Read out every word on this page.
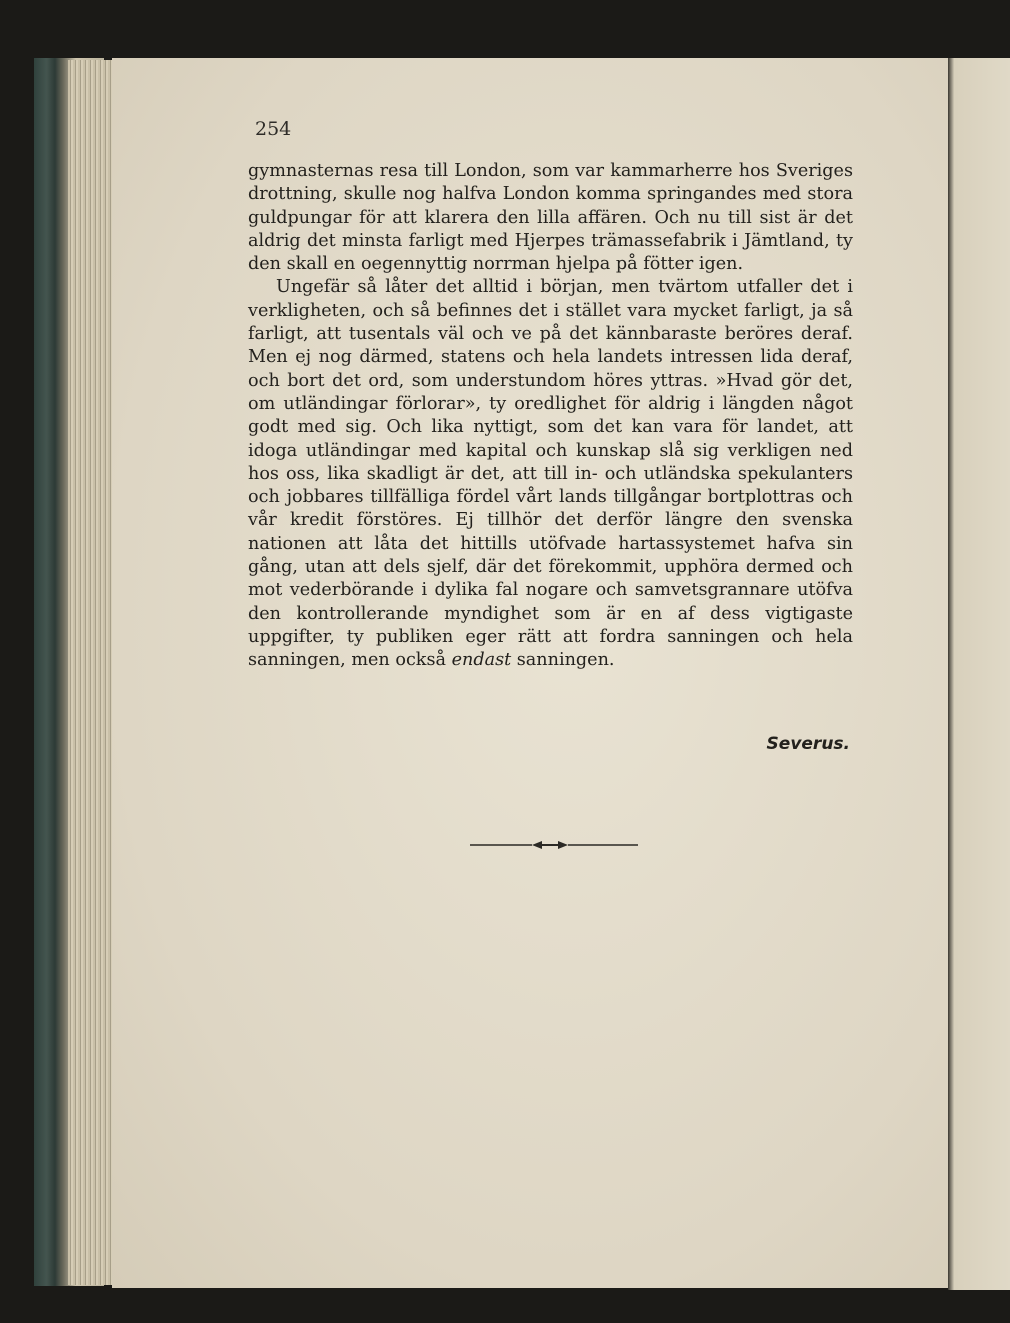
254

gymnasternas resa till London, som var kammarherre hos Sveriges drottning, skulle nog halfva London komma springandes med stora guldpungar för att klarera den lilla affären. Och nu till sist är det aldrig det minsta farligt med Hjerpes trämassefabrik i Jämtland, ty den skall en oegennyttig norrman hjelpa på fötter igen.

Ungefär så låter det alltid i början, men tvärtom utfaller det i verkligheten, och så befinnes det i stället vara mycket farligt, ja så farligt, att tusentals väl och ve på det kännbaraste beröres deraf. Men ej nog därmed, statens och hela landets intressen lida deraf, och bort det ord, som understundom höres yttras. »Hvad gör det, om utländingar förlorar», ty oredlighet för aldrig i längden något godt med sig. Och lika nyttigt, som det kan vara för landet, att idoga utländingar med kapital och kunskap slå sig verkligen ned hos oss, lika skadligt är det, att till in- och utländska spekulanters och jobbares tillfälliga fördel vårt lands tillgångar bortplottras och vår kredit förstöres. Ej tillhör det derför längre den svenska nationen att låta det hittills utöfvade hartassystemet hafva sin gång, utan att dels sjelf, där det förekommit, upphöra dermed och mot vederbörande i dylika fal nogare och samvetsgrannare utöfva den kontrollerande myndighet som är en af dess vigtigaste uppgifter, ty publiken eger rätt att fordra sanningen och hela sanningen, men också endast sanningen.

Severus.
